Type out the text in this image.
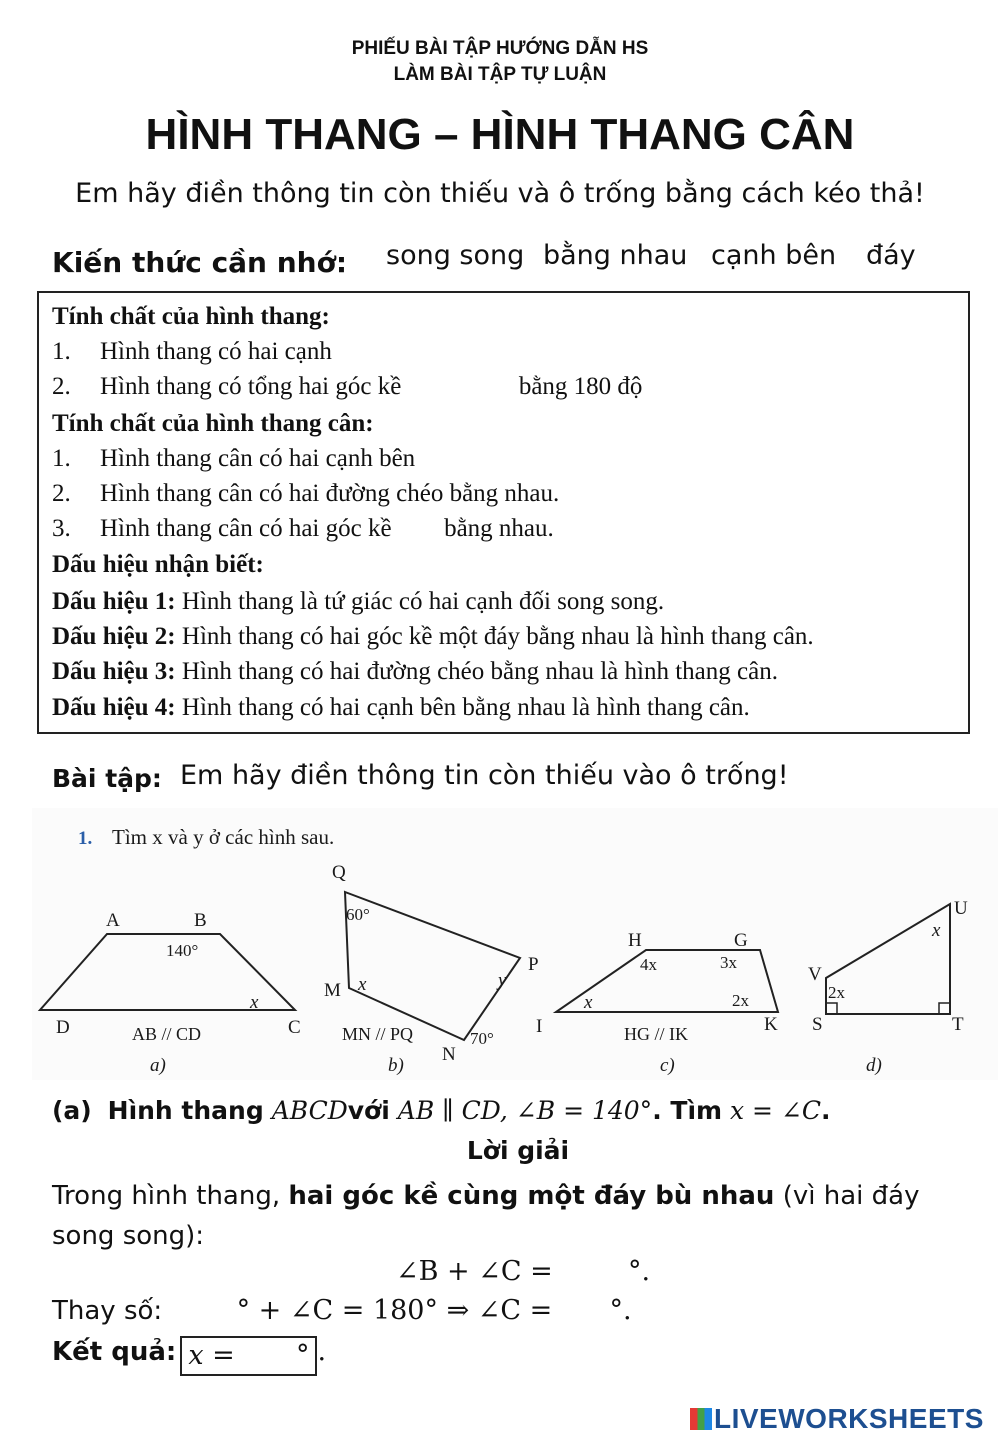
PHIẾU BÀI TẬP HƯỚNG DẪN HS
LÀM BÀI TẬP TỰ LUẬN
HÌNH THANG – HÌNH THANG CÂN
Em hãy điền thông tin còn thiếu và ô trống bằng cách kéo thả!
Kiến thức cần nhớ: song song bằng nhau cạnh bên đáy
Tính chất của hình thang:
1. Hình thang có hai cạnh
2. Hình thang có tổng hai góc kề	bằng 180 độ
Tính chất của hình thang cân:
1. Hình thang cân có hai cạnh bên
2. Hình thang cân có hai đường chéo bằng nhau.
3. Hình thang cân có hai góc kề bằng nhau.
Dấu hiệu nhận biết:
Dấu hiệu 1: Hình thang là tứ giác có hai cạnh đối song song.
Dấu hiệu 2: Hình thang có hai góc kề một đáy bằng nhau là hình thang cân.
Dấu hiệu 3: Hình thang có hai đường chéo bằng nhau là hình thang cân.
Dấu hiệu 4: Hình thang có hai cạnh bên bằng nhau là hình thang cân.
Bài tập: Em hãy điền thông tin còn thiếu vào ô trống!
1. Tìm x và y ở các hình sau.
A	B
C
D
140°
x
AB // CD
a)
Q
P
M
N
60°
70°
x	y
MN // PQ
b)
H	G
I	K
4x	3x
x	2x
HG // IK
c)
U
V
S	T
x
2x
d)
(a) Hình thang ABCDvới AB ∥ CD, ∠B = 140°. Tìm x = ∠C.
Lời giải
Trong hình thang, hai góc kề cùng một đáy bù nhau (vì hai đáy song song):
∠B + ∠C =	°.
Thay số:	° + ∠C = 180° ⇒ ∠C = °.
Kết quả: x = ° .
LIVEWORKSHEETS
